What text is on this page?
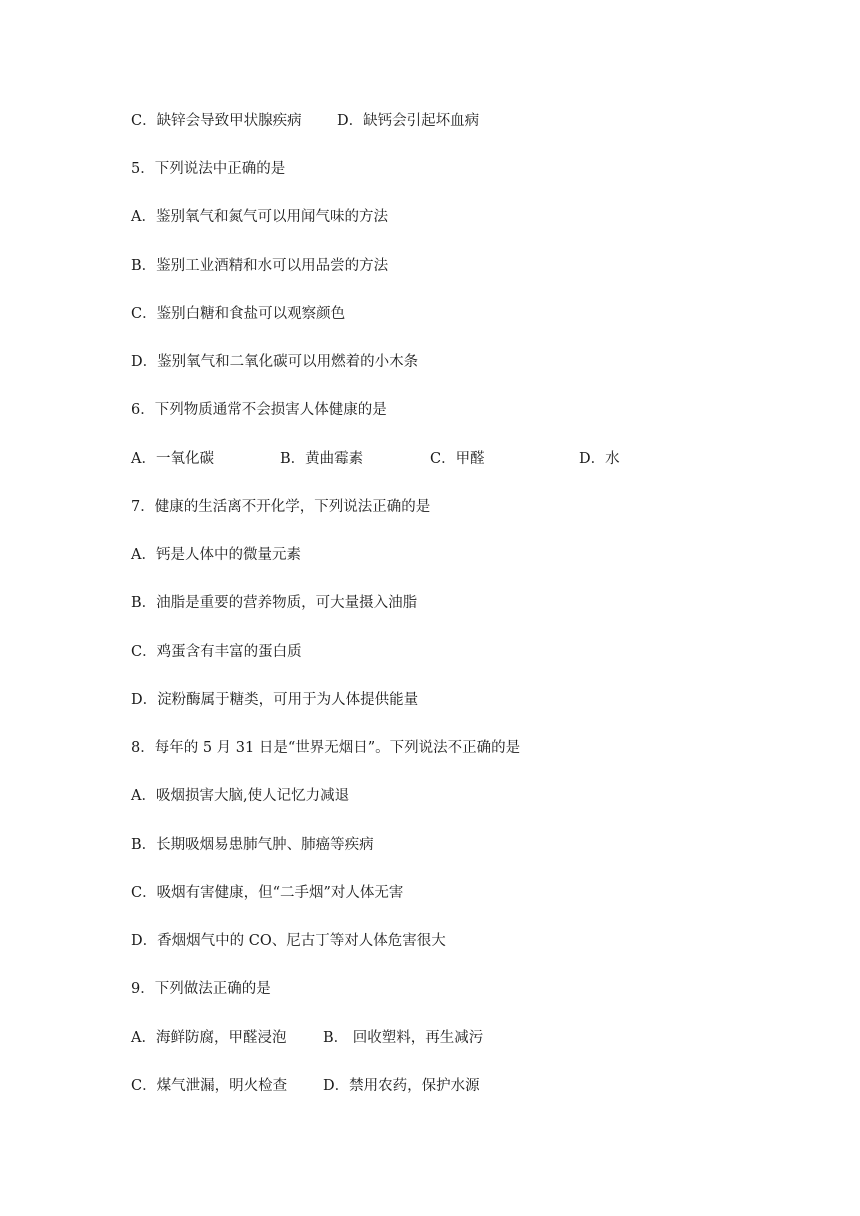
C．缺锌会导致甲状腺疾病 D．缺钙会引起坏血病
5．下列说法中正确的是
A．鉴别氧气和氮气可以用闻气味的方法
B．鉴别工业酒精和水可以用品尝的方法
C．鉴别白糖和食盐可以观察颜色
D．鉴别氧气和二氧化碳可以用燃着的小木条
6．下列物质通常不会损害人体健康的是
A．一氧化碳	B．黄曲霉素	C．甲醛	D．水
7．健康的生活离不开化学，下列说法正确的是
A．钙是人体中的微量元素
B．油脂是重要的营养物质，可大量摄入油脂
C．鸡蛋含有丰富的蛋白质
D．淀粉酶属于糖类，可用于为人体提供能量
8．每年的 5 月 31 日是“世界无烟日”。下列说法不正确的是
A．吸烟损害大脑,使人记忆力减退
B．长期吸烟易患肺气肿、肺癌等疾病
C．吸烟有害健康，但“二手烟”对人体无害
D．香烟烟气中的 CO、尼古丁等对人体危害很大
9．下列做法正确的是
A．海鲜防腐，甲醛浸泡	B． 回收塑料，再生减污
C．煤气泄漏，明火检查 D．禁用农药，保护水源
